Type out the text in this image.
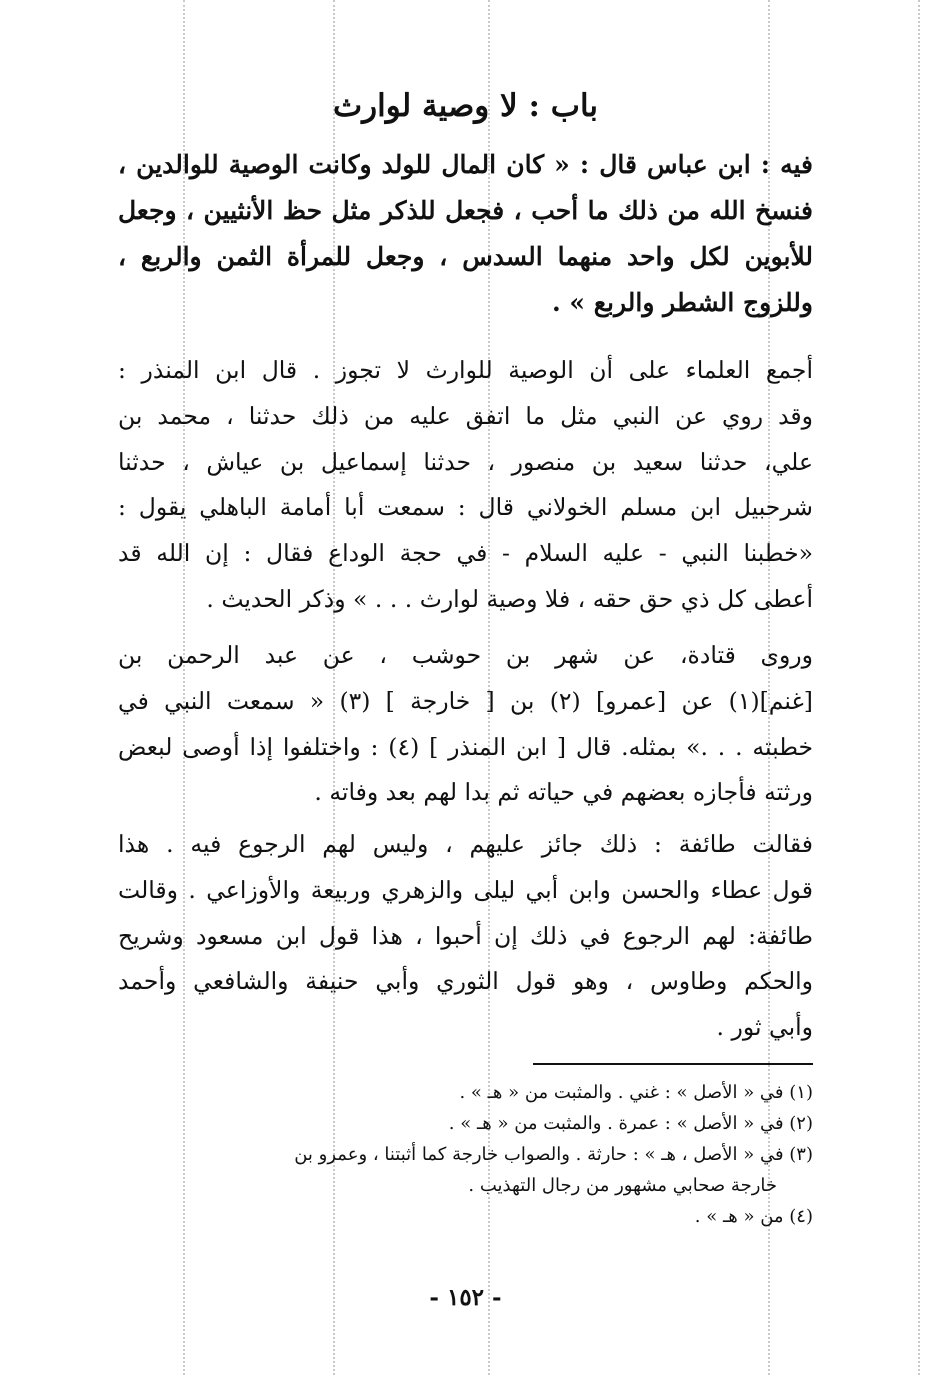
باب : لا وصية لوارث

فيه : ابن عباس قال : « كان المال للولد وكانت الوصية للوالدين ،
فنسخ الله من ذلك ما أحب ، فجعل للذكر مثل حظ الأنثيين ، وجعل
للأبوين لكل واحد منهما السدس ، وجعل للمرأة الثمن والربع ،
وللزوج الشطر والربع » .

أجمع العلماء على أن الوصية للوارث لا تجوز . قال ابن المنذر :
وقد روي عن النبي مثل ما اتفق عليه من ذلك حدثنا ، محمد بن
علي، حدثنا سعيد بن منصور ، حدثنا إسماعيل بن عياش ، حدثنا
شرحبيل ابن مسلم الخولاني قال : سمعت أبا أمامة الباهلي يقول :
«خطبنا النبي - عليه السلام - في حجة الوداع فقال : إن الله قد
أعطى كل ذي حق حقه ، فلا وصية لوارث . . . » وذكر الحديث .

وروى قتادة، عن شهر بن حوشب ، عن عبد الرحمن بن
[غنم](١) عن [عمرو] (٢) بن [ خارجة ] (٣) « سمعت النبي في
خطبته . . .» بمثله. قال [ ابن المنذر ] (٤) : واختلفوا إذا أوصى لبعض
ورثته فأجازه بعضهم في حياته ثم بدا لهم بعد وفاته .

فقالت طائفة : ذلك جائز عليهم ، وليس لهم الرجوع فيه . هذا
قول عطاء والحسن وابن أبي ليلى والزهري وربيعة والأوزاعي . وقالت
طائفة: لهم الرجوع في ذلك إن أحبوا ، هذا قول ابن مسعود وشريح
والحكم وطاوس ، وهو قول الثوري وأبي حنيفة والشافعي وأحمد
وأبي ثور .

(١) في « الأصل » : غني . والمثبت من « هـ » .
(٢) في « الأصل » : عمرة . والمثبت من « هـ » .
(٣) في « الأصل ، هـ » : حارثة . والصواب خارجة كما أثبتنا ، وعمرو بن
خارجة صحابي مشهور من رجال التهذيب .
(٤) من « هـ » .

- ١٥٢ -
